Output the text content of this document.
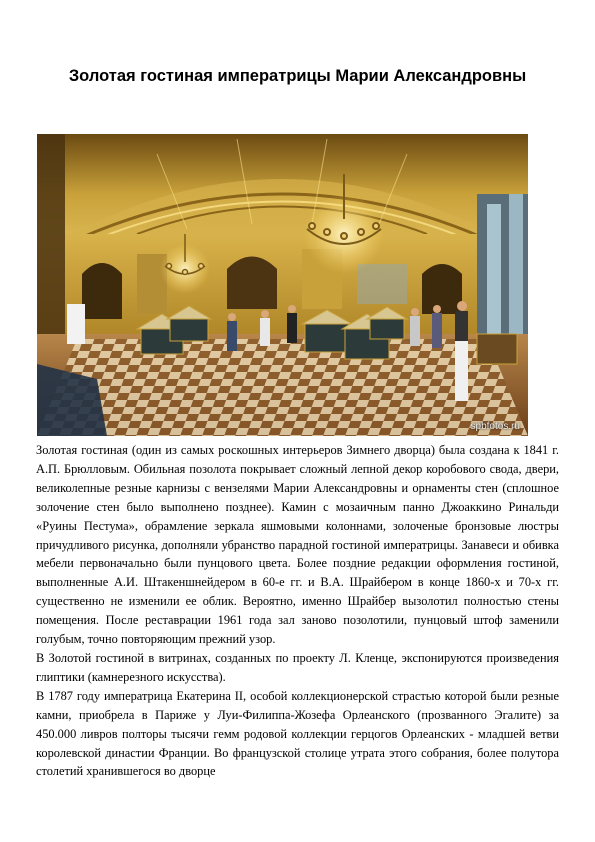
Золотая гостиная императрицы Марии Александровны
spbfotos.ru

Золотая гостиная (один из самых роскошных интерьеров Зимнего дворца) была создана к 1841 г. А.П. Брюлловым. Обильная позолота покрывает сложный лепной декор коробового свода, двери, великолепные резные карнизы с вензелями Марии Александровны и орнаменты стен (сплошное золочение стен было выполнено позднее). Камин с мозаичным панно Джоаккино Ринальди «Руины Пестума», обрамление зеркала яшмовыми колоннами, золоченые бронзовые люстры причудливого рисунка, дополняли убранство парадной гостиной императрицы. Занавеси и обивка мебели первоначально были пунцового цвета. Более поздние редакции оформления гостиной, выполненные А.И. Штакеншнейдером в 60-е гг. и В.А. Шрайбером в конце 1860-х и 70-х гг. существенно не изменили ее облик. Вероятно, именно Шрайбер вызолотил полностью стены помещения. После реставрации 1961 года зал заново позолотили, пунцовый штоф заменили голубым, точно повторяющим прежний узор.

В Золотой гостиной в витринах, созданных по проекту Л. Кленце, экспонируются произведения глиптики (камнерезного искусства).

В 1787 году императрица Екатерина II, особой коллекционерской страстью которой были резные камни, приобрела в Париже у Луи-Филиппа-Жозефа Орлеанского (прозванного Эгалите) за 450.000 ливров полторы тысячи гемм родовой коллекции герцогов Орлеанских - младшей ветви королевской династии Франции. Во французской столице утрата этого собрания, более полутора столетий хранившегося во дворце
